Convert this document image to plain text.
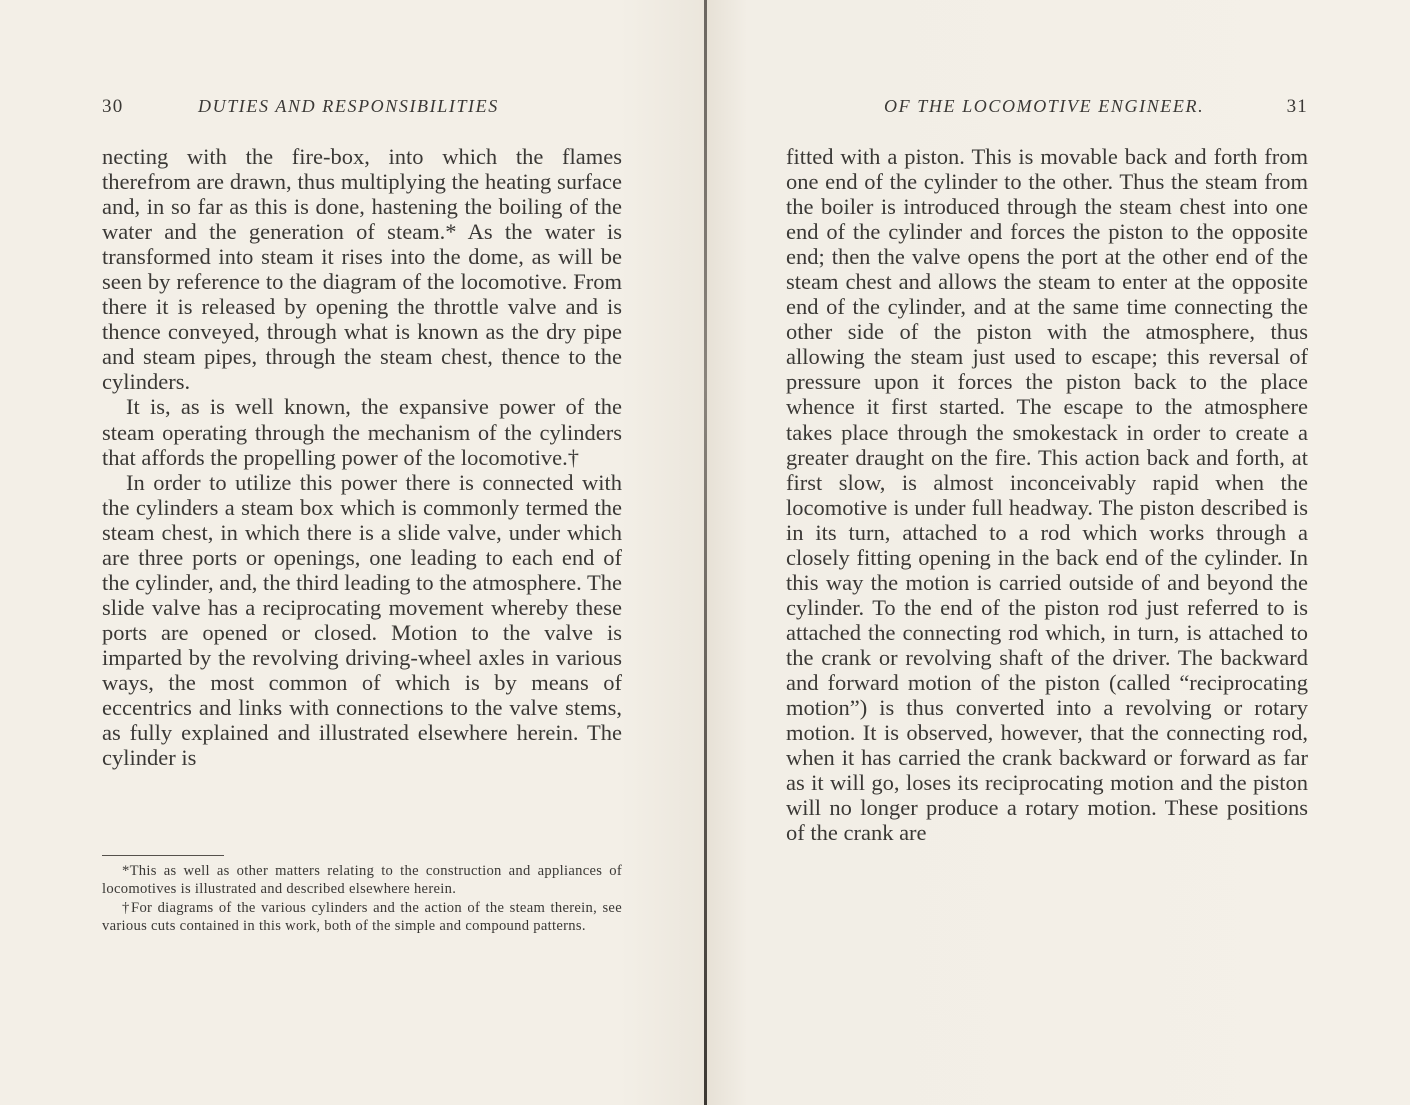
30	DUTIES AND RESPONSIBILITIES

necting with the fire-box, into which the flames therefrom are drawn, thus multiplying the heating surface and, in so far as this is done, hastening the boiling of the water and the generation of steam.* As the water is transformed into steam it rises into the dome, as will be seen by reference to the diagram of the locomotive. From there it is released by opening the throttle valve and is thence conveyed, through what is known as the dry pipe and steam pipes, through the steam chest, thence to the cylinders.

It is, as is well known, the expansive power of the steam operating through the mechanism of the cylinders that affords the propelling power of the locomotive.†

In order to utilize this power there is connected with the cylinders a steam box which is commonly termed the steam chest, in which there is a slide valve, under which are three ports or openings, one leading to each end of the cylinder, and, the third leading to the atmosphere. The slide valve has a reciprocating movement whereby these ports are opened or closed. Motion to the valve is imparted by the revolving driving-wheel axles in various ways, the most common of which is by means of eccentrics and links with connections to the valve stems, as fully explained and illustrated elsewhere herein. The cylinder is

*This as well as other matters relating to the construction and appliances of locomotives is illustrated and described elsewhere herein.

†For diagrams of the various cylinders and the action of the steam therein, see various cuts contained in this work, both of the simple and compound patterns.

OF THE LOCOMOTIVE ENGINEER.	31

fitted with a piston. This is movable back and forth from one end of the cylinder to the other. Thus the steam from the boiler is introduced through the steam chest into one end of the cylinder and forces the piston to the opposite end; then the valve opens the port at the other end of the steam chest and allows the steam to enter at the opposite end of the cylinder, and at the same time connecting the other side of the piston with the atmosphere, thus allowing the steam just used to escape; this reversal of pressure upon it forces the piston back to the place whence it first started. The escape to the atmosphere takes place through the smokestack in order to create a greater draught on the fire. This action back and forth, at first slow, is almost inconceivably rapid when the locomotive is under full headway. The piston described is in its turn, attached to a rod which works through a closely fitting opening in the back end of the cylinder. In this way the motion is carried outside of and beyond the cylinder. To the end of the piston rod just referred to is attached the connecting rod which, in turn, is attached to the crank or revolving shaft of the driver. The backward and forward motion of the piston (called “reciprocating motion”) is thus converted into a revolving or rotary motion. It is observed, however, that the connecting rod, when it has carried the crank backward or forward as far as it will go, loses its reciprocating motion and the piston will no longer produce a rotary motion. These positions of the crank are
